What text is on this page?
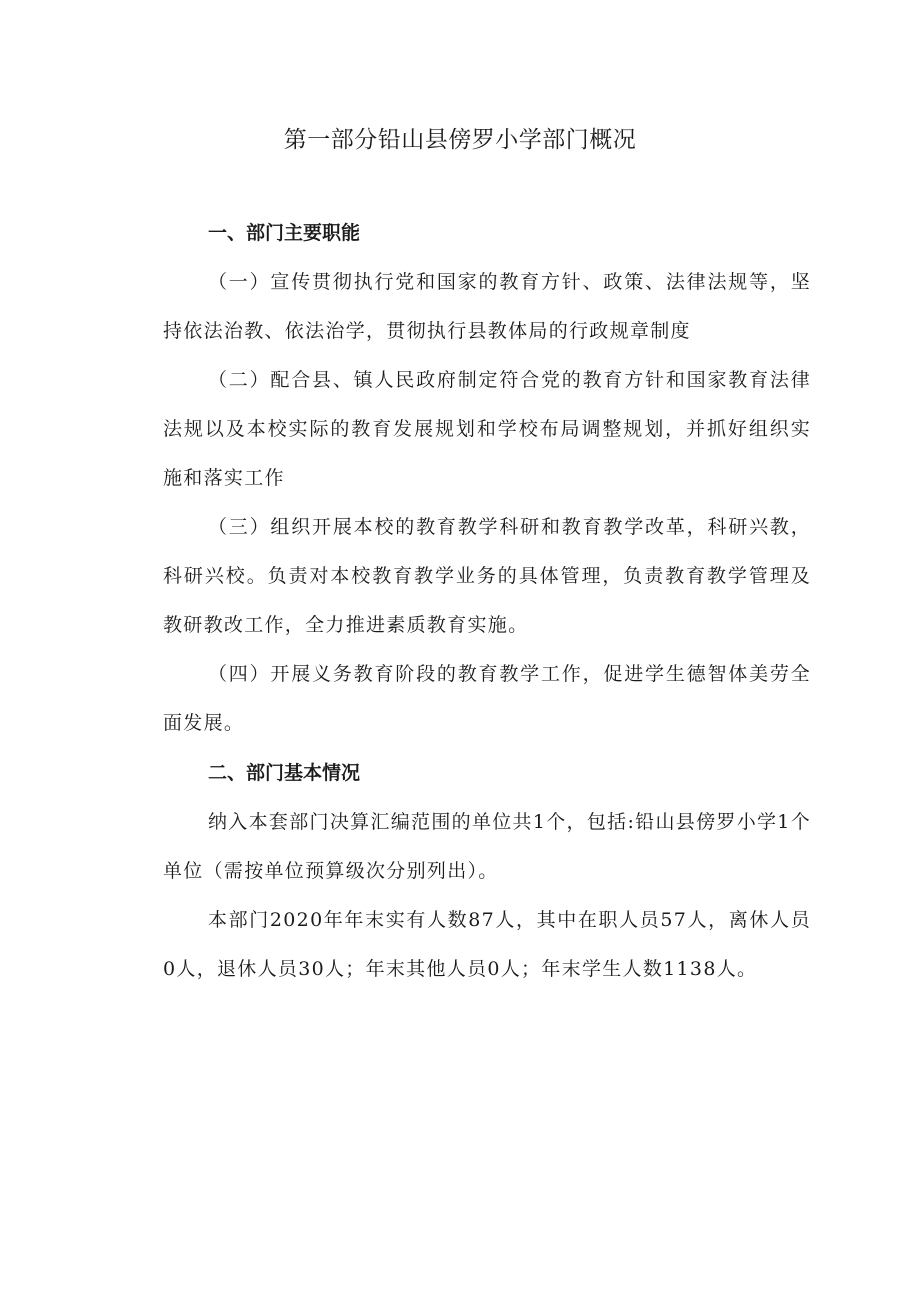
第一部分铅山县傍罗小学部门概况
一、部门主要职能

（一）宣传贯彻执行党和国家的教育方针、政策、法律法规等，坚持依法治教、依法治学，贯彻执行县教体局的行政规章制度

（二）配合县、镇人民政府制定符合党的教育方针和国家教育法律法规以及本校实际的教育发展规划和学校布局调整规划，并抓好组织实施和落实工作

（三）组织开展本校的教育教学科研和教育教学改革，科研兴教，科研兴校。负责对本校教育教学业务的具体管理，负责教育教学管理及教研教改工作，全力推进素质教育实施。

（四）开展义务教育阶段的教育教学工作，促进学生德智体美劳全面发展。

二、部门基本情况

纳入本套部门决算汇编范围的单位共1个，包括:铅山县傍罗小学1个单位（需按单位预算级次分别列出）。

本部门2020年年末实有人数87人，其中在职人员57人，离休人员0人，退休人员30人；年末其他人员0人；年末学生人数1138人。
